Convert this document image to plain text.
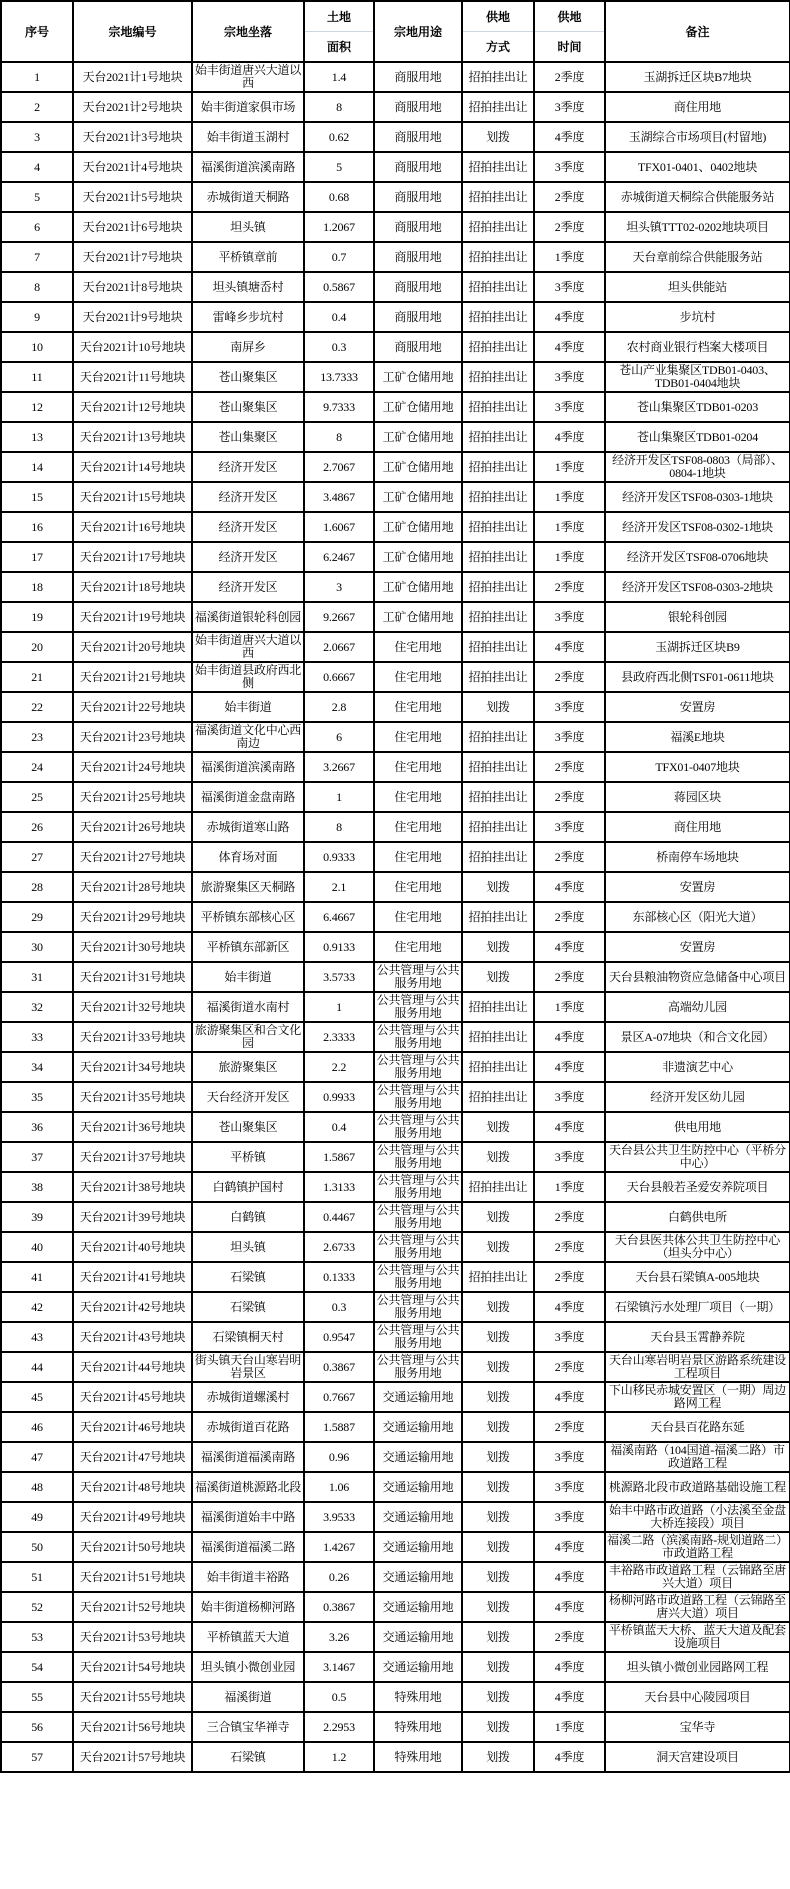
序号	宗地编号	宗地坐落	土地	宗地用途	供地	供地	备注
			面积		方式	时间	
1	天台2021计1号地块	始丰街道唐兴大道以西	1.4	商服用地	招拍挂出让	2季度	玉湖拆迁区块B7地块
2	天台2021计2号地块	始丰街道家俱市场	8	商服用地	招拍挂出让	3季度	商住用地
3	天台2021计3号地块	始丰街道玉湖村	0.62	商服用地	划拨	4季度	玉湖综合市场项目(村留地)
4	天台2021计4号地块	福溪街道滨溪南路	5	商服用地	招拍挂出让	3季度	TFX01-0401、0402地块
5	天台2021计5号地块	赤城街道天桐路	0.68	商服用地	招拍挂出让	2季度	赤城街道天桐综合供能服务站
6	天台2021计6号地块	坦头镇	1.2067	商服用地	招拍挂出让	2季度	坦头镇TTT02-0202地块项目
7	天台2021计7号地块	平桥镇章前	0.7	商服用地	招拍挂出让	1季度	天台章前综合供能服务站
8	天台2021计8号地块	坦头镇塘岙村	0.5867	商服用地	招拍挂出让	3季度	坦头供能站
9	天台2021计9号地块	雷峰乡步坑村	0.4	商服用地	招拍挂出让	4季度	步坑村
10	天台2021计10号地块	南屏乡	0.3	商服用地	招拍挂出让	4季度	农村商业银行档案大楼项目
11	天台2021计11号地块	苍山聚集区	13.7333	工矿仓储用地	招拍挂出让	3季度	苍山产业集聚区TDB01-0403、TDB01-0404地块
12	天台2021计12号地块	苍山聚集区	9.7333	工矿仓储用地	招拍挂出让	3季度	苍山集聚区TDB01-0203
13	天台2021计13号地块	苍山集聚区	8	工矿仓储用地	招拍挂出让	4季度	苍山集聚区TDB01-0204
14	天台2021计14号地块	经济开发区	2.7067	工矿仓储用地	招拍挂出让	1季度	经济开发区TSF08-0803（局部）、0804-1地块
15	天台2021计15号地块	经济开发区	3.4867	工矿仓储用地	招拍挂出让	1季度	经济开发区TSF08-0303-1地块
16	天台2021计16号地块	经济开发区	1.6067	工矿仓储用地	招拍挂出让	1季度	经济开发区TSF08-0302-1地块
17	天台2021计17号地块	经济开发区	6.2467	工矿仓储用地	招拍挂出让	1季度	经济开发区TSF08-0706地块
18	天台2021计18号地块	经济开发区	3	工矿仓储用地	招拍挂出让	2季度	经济开发区TSF08-0303-2地块
19	天台2021计19号地块	福溪街道银轮科创园	9.2667	工矿仓储用地	招拍挂出让	3季度	银轮科创园
20	天台2021计20号地块	始丰街道唐兴大道以西	2.0667	住宅用地	招拍挂出让	4季度	玉湖拆迁区块B9
21	天台2021计21号地块	始丰街道县政府西北侧	0.6667	住宅用地	招拍挂出让	2季度	县政府西北侧TSF01-0611地块
22	天台2021计22号地块	始丰街道	2.8	住宅用地	划拨	3季度	安置房
23	天台2021计23号地块	福溪街道文化中心西南边	6	住宅用地	招拍挂出让	3季度	福溪E地块
24	天台2021计24号地块	福溪街道滨溪南路	3.2667	住宅用地	招拍挂出让	2季度	TFX01-0407地块
25	天台2021计25号地块	福溪街道金盘南路	1	住宅用地	招拍挂出让	2季度	蒋园区块
26	天台2021计26号地块	赤城街道寒山路	8	住宅用地	招拍挂出让	3季度	商住用地
27	天台2021计27号地块	体育场对面	0.9333	住宅用地	招拍挂出让	2季度	桥南停车场地块
28	天台2021计28号地块	旅游聚集区天桐路	2.1	住宅用地	划拨	4季度	安置房
29	天台2021计29号地块	平桥镇东部核心区	6.4667	住宅用地	招拍挂出让	2季度	东部核心区（阳光大道）
30	天台2021计30号地块	平桥镇东部新区	0.9133	住宅用地	划拨	4季度	安置房
31	天台2021计31号地块	始丰街道	3.5733	公共管理与公共服务用地	划拨	2季度	天台县粮油物资应急储备中心项目
32	天台2021计32号地块	福溪街道水南村	1	公共管理与公共服务用地	招拍挂出让	1季度	高端幼儿园
33	天台2021计33号地块	旅游聚集区和合文化园	2.3333	公共管理与公共服务用地	招拍挂出让	4季度	景区A-07地块（和合文化园）
34	天台2021计34号地块	旅游聚集区	2.2	公共管理与公共服务用地	招拍挂出让	4季度	非遗演艺中心
35	天台2021计35号地块	天台经济开发区	0.9933	公共管理与公共服务用地	招拍挂出让	3季度	经济开发区幼儿园
36	天台2021计36号地块	苍山聚集区	0.4	公共管理与公共服务用地	划拨	4季度	供电用地
37	天台2021计37号地块	平桥镇	1.5867	公共管理与公共服务用地	划拨	3季度	天台县公共卫生防控中心（平桥分中心）
38	天台2021计38号地块	白鹤镇护国村	1.3133	公共管理与公共服务用地	招拍挂出让	1季度	天台县般若圣爱安养院项目
39	天台2021计39号地块	白鹤镇	0.4467	公共管理与公共服务用地	划拨	2季度	白鹤供电所
40	天台2021计40号地块	坦头镇	2.6733	公共管理与公共服务用地	划拨	2季度	天台县医共体公共卫生防控中心（坦头分中心）
41	天台2021计41号地块	石梁镇	0.1333	公共管理与公共服务用地	招拍挂出让	2季度	天台县石梁镇A-005地块
42	天台2021计42号地块	石梁镇	0.3	公共管理与公共服务用地	划拨	4季度	石梁镇污水处理厂项目（一期）
43	天台2021计43号地块	石梁镇桐天村	0.9547	公共管理与公共服务用地	划拨	3季度	天台县玉霄静养院
44	天台2021计44号地块	街头镇天台山寒岩明岩景区	0.3867	公共管理与公共服务用地	划拨	2季度	天台山寒岩明岩景区游路系统建设工程项目
45	天台2021计45号地块	赤城街道螺溪村	0.7667	交通运输用地	划拨	4季度	下山移民赤城安置区（一期）周边路网工程
46	天台2021计46号地块	赤城街道百花路	1.5887	交通运输用地	划拨	2季度	天台县百花路东延
47	天台2021计47号地块	福溪街道福溪南路	0.96	交通运输用地	划拨	3季度	福溪南路（104国道-福溪二路）市政道路工程
48	天台2021计48号地块	福溪街道桃源路北段	1.06	交通运输用地	划拨	3季度	桃源路北段市政道路基础设施工程
49	天台2021计49号地块	福溪街道始丰中路	3.9533	交通运输用地	划拨	3季度	始丰中路市政道路（小法溪至金盘大桥连接段）项目
50	天台2021计50号地块	福溪街道福溪二路	1.4267	交通运输用地	划拨	4季度	福溪二路（滨溪南路-规划道路二）市政道路工程
51	天台2021计51号地块	始丰街道丰裕路	0.26	交通运输用地	划拨	4季度	丰裕路市政道路工程（云锦路至唐兴大道）项目
52	天台2021计52号地块	始丰街道杨柳河路	0.3867	交通运输用地	划拨	4季度	杨柳河路市政道路工程（云锦路至唐兴大道）项目
53	天台2021计53号地块	平桥镇蓝天大道	3.26	交通运输用地	划拨	2季度	平桥镇蓝天大桥、蓝天大道及配套设施项目
54	天台2021计54号地块	坦头镇小微创业园	3.1467	交通运输用地	划拨	4季度	坦头镇小微创业园路网工程
55	天台2021计55号地块	福溪街道	0.5	特殊用地	划拨	4季度	天台县中心陵园项目
56	天台2021计56号地块	三合镇宝华禅寺	2.2953	特殊用地	划拨	1季度	宝华寺
57	天台2021计57号地块	石梁镇	1.2	特殊用地	划拨	4季度	洞天宫建设项目
